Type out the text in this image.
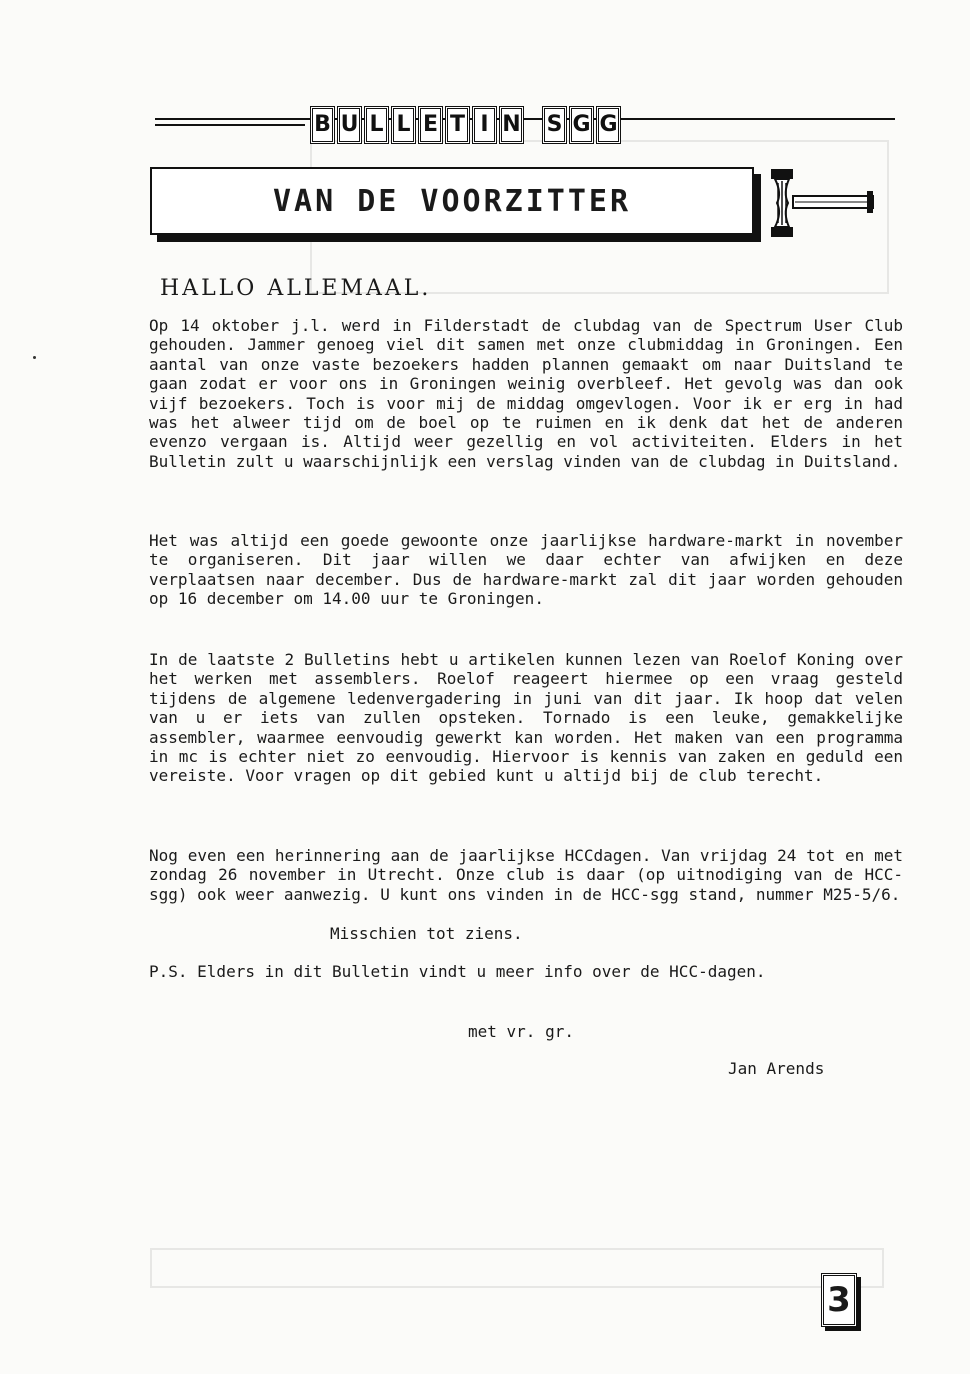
B U L L E T I N S G G
VAN DE VOORZITTER

HALLO ALLEMAAL.

Op 14 oktober j.l. werd in Filderstadt de clubdag van de Spectrum User Club gehouden. Jammer genoeg viel dit samen met onze clubmiddag in Groningen. Een aantal van onze vaste bezoekers hadden plannen gemaakt om naar Duitsland te gaan zodat er voor ons in Groningen weinig overbleef. Het gevolg was dan ook vijf bezoekers. Toch is voor mij de middag omgevlogen. Voor ik er erg in had was het alweer tijd om de boel op te ruimen en ik denk dat het de anderen evenzo vergaan is. Altijd weer gezellig en vol activiteiten. Elders in het Bulletin zult u waarschijnlijk een verslag vinden van de clubdag in Duitsland.

Het was altijd een goede gewoonte onze jaarlijkse hardware-markt in november te organiseren. Dit jaar willen we daar echter van afwijken en deze verplaatsen naar december. Dus de hardware-markt zal dit jaar worden gehouden op 16 december om 14.00 uur te Groningen.

In de laatste 2 Bulletins hebt u artikelen kunnen lezen van Roelof Koning over het werken met assemblers. Roelof reageert hiermee op een vraag gesteld tijdens de algemene ledenvergadering in juni van dit jaar. Ik hoop dat velen van u er iets van zullen opsteken. Tornado is een leuke, gemakkelijke assembler, waarmee eenvoudig gewerkt kan worden. Het maken van een programma in mc is echter niet zo eenvoudig. Hiervoor is kennis van zaken en geduld een vereiste. Voor vragen op dit gebied kunt u altijd bij de club terecht.

Nog even een herinnering aan de jaarlijkse HCCdagen. Van vrijdag 24 tot en met zondag 26 november in Utrecht. Onze club is daar (op uitnodiging van de HCC-sgg) ook weer aanwezig. U kunt ons vinden in de HCC-sgg stand, nummer M25-5/6.

Misschien tot ziens.

P.S. Elders in dit Bulletin vindt u meer info over de HCC-dagen.

met vr. gr.

Jan Arends

3
